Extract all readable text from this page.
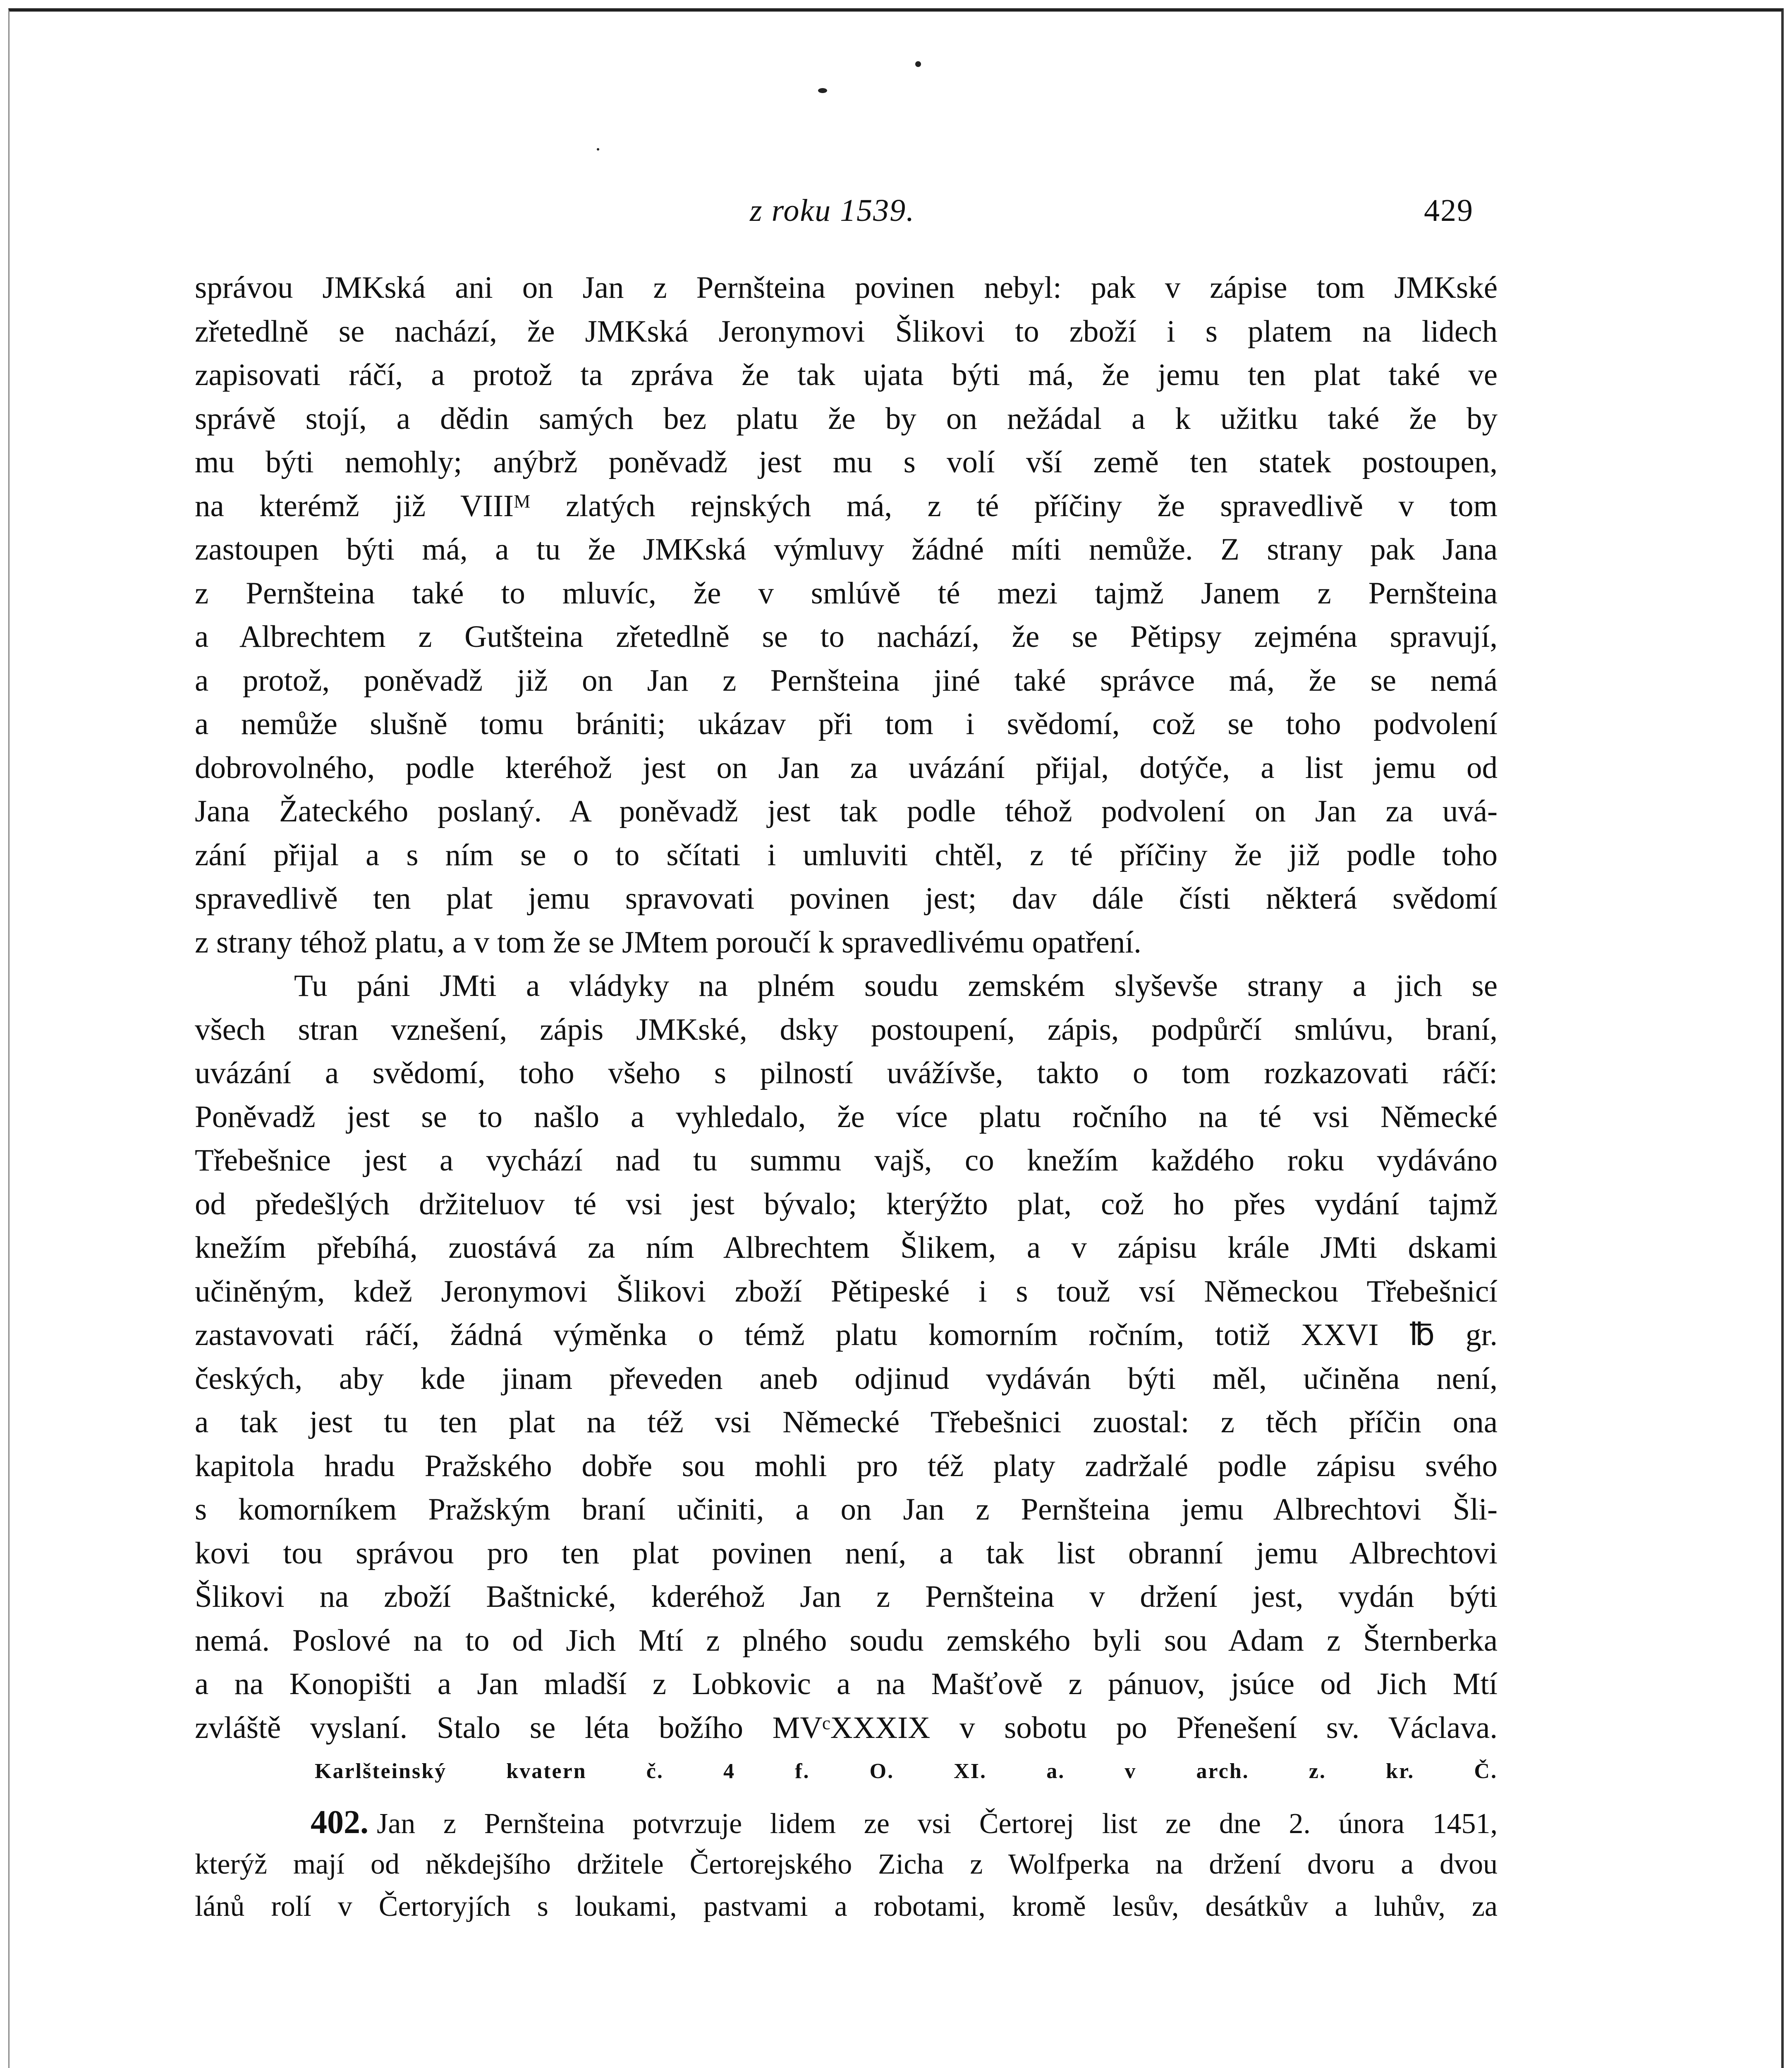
z roku 1539.	429
správou JMKská ani on Jan z Pernšteina povinen nebyl: pak v zápise tom JMKské
zřetedlně se nachází, že JMKská Jeronymovi Šlikovi to zboží i s platem na lidech
zapisovati ráčí, a protož ta zpráva že tak ujata býti má, že jemu ten plat také ve
správě stojí, a dědin samých bez platu že by on nežádal a k užitku také že by
mu býti nemohly; anýbrž poněvadž jest mu s volí vší země ten statek postoupen,
na kterémž již VIIIᴹ zlatých rejnských má, z té příčiny že spravedlivě v tom
zastoupen býti má, a tu že JMKská výmluvy žádné míti nemůže. Z strany pak Jana
z Pernšteina také to mluvíc, že v smlúvě té mezi tajmž Janem z Pernšteina
a Albrechtem z Gutšteina zřetedlně se to nachází, že se Pětipsy zejména spravují,
a protož, poněvadž již on Jan z Pernšteina jiné také správce má, že se nemá
a nemůže slušně tomu brániti; ukázav při tom i svědomí, což se toho podvolení
dobrovolného, podle kteréhož jest on Jan za uvázání přijal, dotýče, a list jemu od
Jana Žateckého poslaný. A poněvadž jest tak podle téhož podvolení on Jan za uvá-
zání přijal a s ním se o to sčítati i umluviti chtěl, z té příčiny že již podle toho
spravedlivě ten plat jemu spravovati povinen jest; dav dále čísti některá svědomí
z strany téhož platu, a v tom že se JMtem poroučí k spravedlivému opatření.
Tu páni JMti a vládyky na plném soudu zemském slyševše strany a jich se
všech stran vznešení, zápis JMKské, dsky postoupení, zápis, podpůrčí smlúvu, braní,
uvázání a svědomí, toho všeho s pilností uvážívše, takto o tom rozkazovati ráčí:
Poněvadž jest se to našlo a vyhledalo, že více platu ročního na té vsi Německé
Třebešnice jest a vychází nad tu summu vajš, co knežím každého roku vydáváno
od předešlých držiteluov té vsi jest bývalo; kterýžto plat, což ho přes vydání tajmž
knežím přebíhá, zuostává za ním Albrechtem Šlikem, a v zápisu krále JMti dskami
učiněným, kdež Jeronymovi Šlikovi zboží Pětipeské i s touž vsí Německou Třebešnicí
zastavovati ráčí, žádná výměnka o témž platu komorním ročním, totiž XXVI ℔ gr.
českých, aby kde jinam převeden aneb odjinud vydáván býti měl, učiněna není,
a tak jest tu ten plat na též vsi Německé Třebešnici zuostal: z těch příčin ona
kapitola hradu Pražského dobře sou mohli pro též platy zadržalé podle zápisu svého
s komorníkem Pražským braní učiniti, a on Jan z Pernšteina jemu Albrechtovi Šli-
kovi tou správou pro ten plat povinen není, a tak list obranní jemu Albrechtovi
Šlikovi na zboží Baštnické, kderéhož Jan z Pernšteina v držení jest, vydán býti
nemá. Poslové na to od Jich Mtí z plného soudu zemského byli sou Adam z Šternberka
a na Konopišti a Jan mladší z Lobkovic a na Mašťově z pánuov, jsúce od Jich Mtí
zvláště vyslaní. Stalo se léta božího MVᶜXXXIX v sobotu po Přenešení sv. Václava.
Karlšteinský kvatern č. 4 f. O. XI. a. v arch. z. kr. Č.
402. Jan z Pernšteina potvrzuje lidem ze vsi Čertorej list ze dne 2. února 1451,
kterýž mají od někdejšího držitele Čertorejského Zicha z Wolfperka na držení dvoru a dvou
lánů rolí v Čertoryjích s loukami, pastvami a robotami, kromě lesův, desátkův a luhův, za
